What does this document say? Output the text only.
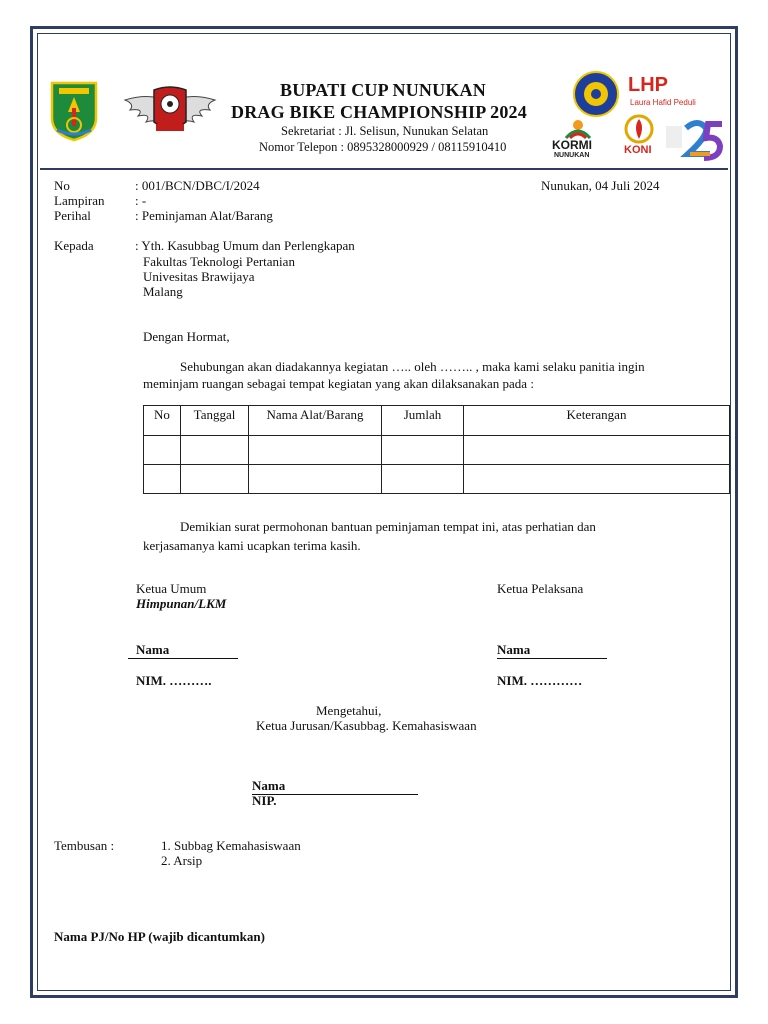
BUPATI CUP NUNUKAN
DRAG BIKE CHAMPIONSHIP 2024
Sekretariat : Jl. Selisun, Nunukan Selatan
Nomor Telepon : 0895328000929 / 08115910410
LHP
Laura Hafid Peduli
KORMI
NUNUKAN	KONI
No	: 001/BCN/DBC/I/2024	Nunukan, 04 Juli 2024
Lampiran : -
Perihal	: Peminjaman Alat/Barang
Kepada	: Yth. Kasubbag Umum dan Perlengkapan
Fakultas Teknologi Pertanian
Univesitas Brawijaya
Malang
Dengan Hormat,
Sehubungan akan diadakannya kegiatan ….. oleh …….. , maka kami selaku panitia ingin
meminjam ruangan sebagai tempat kegiatan yang akan dilaksanakan pada :
No	Tanggal	Nama Alat/Barang	Jumlah	Keterangan

Demikian surat permohonan bantuan peminjaman tempat ini, atas perhatian dan
kerjasamanya kami ucapkan terima kasih.
Ketua Umum
Himpunan/LKM
Ketua Pelaksana
Nama	Nama
NIM. ……….	NIM. …………
Mengetahui,
Ketua Jurusan/Kasubbag. Kemahasiswaan
Nama
NIP.
Tembusan :	1. Subbag Kemahasiswaan
2. Arsip
Nama PJ/No HP (wajib dicantumkan)
